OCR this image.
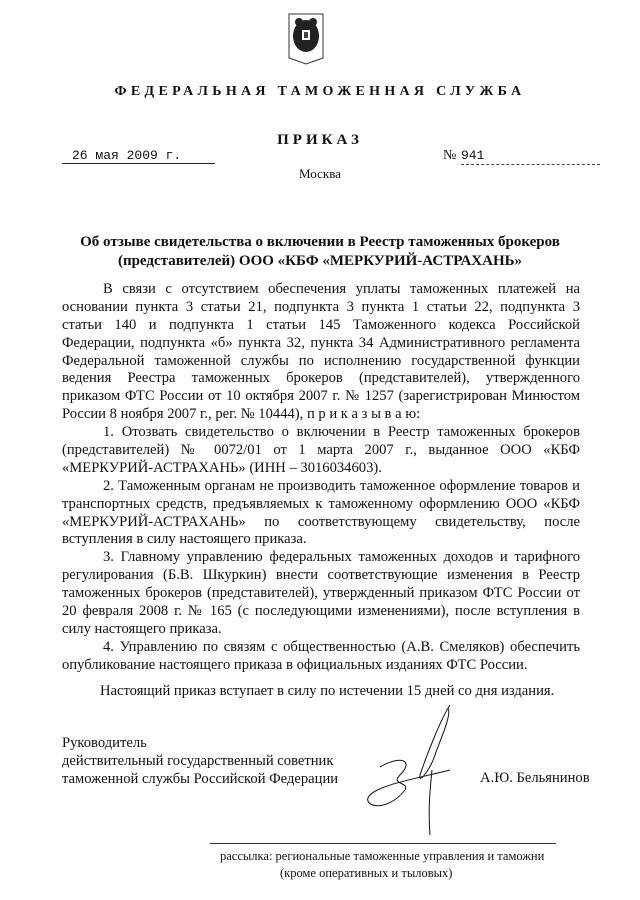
ФЕДЕРАЛЬНАЯ ТАМОЖЕННАЯ СЛУЖБА
ПРИКАЗ
26 мая 2009 г.	№ 941
Москва
Об отзыве свидетельства о включении в Реестр таможенных брокеров
(представителей) ООО «КБФ «МЕРКУРИЙ-АСТРАХАНЬ»
В связи с отсутствием обеспечения уплаты таможенных платежей на
основании пункта 3 статьи 21, подпункта 3 пункта 1 статьи 22, подпункта 3
статьи 140 и подпункта 1 статьи 145 Таможенного кодекса Российской
Федерации, подпункта «б» пункта 32, пункта 34 Административного регламента
Федеральной таможенной службы по исполнению государственной функции
ведения Реестра таможенных брокеров (представителей), утвержденного
приказом ФТС России от 10 октября 2007 г. № 1257 (зарегистрирован Минюстом
России 8 ноября 2007 г., рег. № 10444), п р и к а з ы в а ю:
1. Отозвать свидетельство о включении в Реестр таможенных брокеров
(представителей) № 0072/01 от 1 марта 2007 г., выданное ООО «КБФ
«МЕРКУРИЙ-АСТРАХАНЬ» (ИНН – 3016034603).
2. Таможенным органам не производить таможенное оформление товаров и
транспортных средств, предъявляемых к таможенному оформлению ООО «КБФ
«МЕРКУРИЙ-АСТРАХАНЬ» по соответствующему свидетельству, после
вступления в силу настоящего приказа.
3. Главному управлению федеральных таможенных доходов и тарифного
регулирования (Б.В. Шкуркин) внести соответствующие изменения в Реестр
таможенных брокеров (представителей), утвержденный приказом ФТС России от
20 февраля 2008 г. № 165 (с последующими изменениями), после вступления в
силу настоящего приказа.
4. Управлению по связям с общественностью (А.В. Смеляков) обеспечить
опубликование настоящего приказа в официальных изданиях ФТС России.
Настоящий приказ вступает в силу по истечении 15 дней со дня издания.
Руководитель
действительный государственный советник
таможенной службы Российской Федерации	А.Ю. Бельянинов
рассылка: региональные таможенные управления и таможни
(кроме оперативных и тыловых)
